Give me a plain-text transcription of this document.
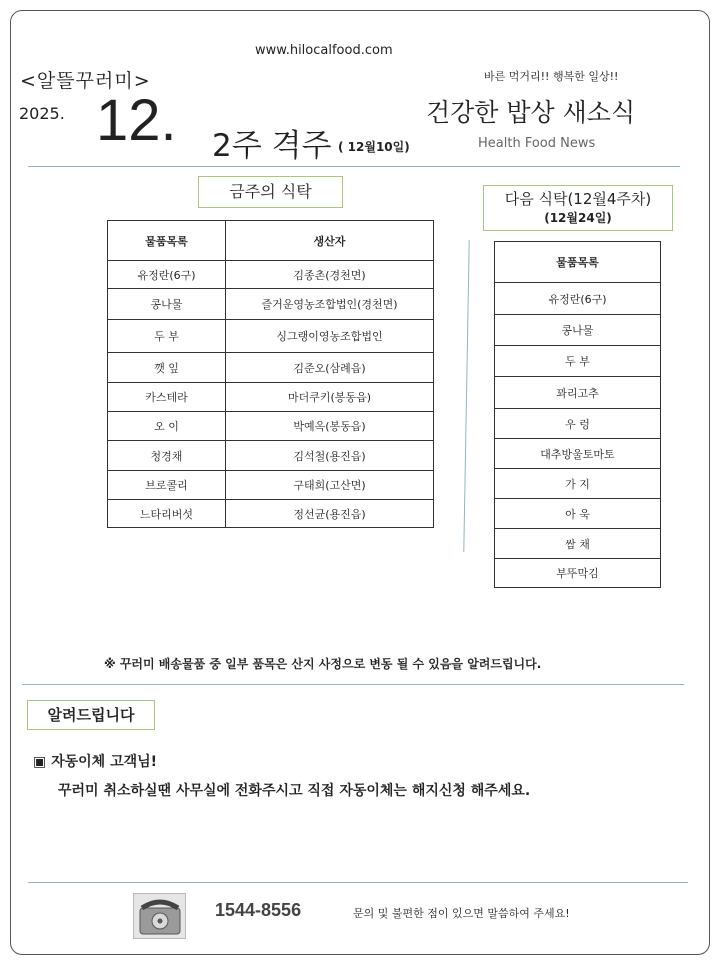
www.hilocalfood.com
<알뜰꾸러미>
2025. 12. 2주 격주 ( 12월10일)
바른 먹거리!! 행복한 일상!!
건강한 밥상 새소식
Health Food News
금주의 식탁	다음 식탁(12월4주차)
(12월24일)
물품목록	생산자
유정란(6구)	김종촌(경천면)
콩나물	즐거운영농조합법인(경천면)
두 부	싱그랭이영농조합법인
깻 잎	김준오(삼례읍)
카스테라	마더쿠키(봉동읍)
오 이	박예옥(봉동읍)
청경채	김석철(용진읍)
브로콜리	구태희(고산면)
느타리버섯	정선균(용진읍)
물품목록
유정란(6구)
콩나물
두 부
꽈리고추
우 렁
대추방울토마토
가 지
아 욱
쌈 채
부뚜막김
※ 꾸러미 배송물품 중 일부 품목은 산지 사정으로 변동 될 수 있음을 알려드립니다.
알려드립니다
▣ 자동이체 고객님!
꾸러미 취소하실땐 사무실에 전화주시고 직접 자동이체는 해지신청 해주세요.
1544-8556	문의 및 불편한 점이 있으면 말씀하여 주세요!
